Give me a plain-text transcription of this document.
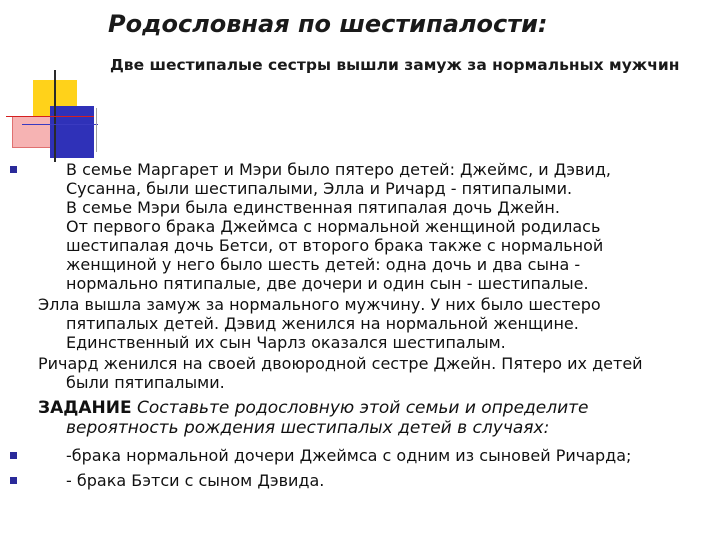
Родословная по шестипалости:
Две шестипалые сестры вышли замуж за нормальных мужчин
В семье Маргарет и Мэри было пятеро детей: Джеймс, и Дэвид,
Сусанна, были шестипалыми, Элла и Ричард - пятипалыми.
В семье Мэри была единственная пятипалая дочь Джейн.
От первого брака Джеймса с нормальной женщиной родилась
шестипалая дочь Бетси, от второго брака также с нормальной
женщиной у него было шесть детей: одна дочь и два сына -
нормально пятипалые, две дочери и один сын - шестипалые.
Элла вышла замуж за нормального мужчину. У них было шестеро
пятипалых детей. Дэвид женился на нормальной женщине.
Единственный их сын Чарлз оказался шестипалым.
Ричард женился на своей двоюродной сестре Джейн. Пятеро их детей
были пятипалыми.
ЗАДАНИЕ Составьте родословную этой семьи и определите
вероятность рождения шестипалых детей в случаях:
-брака нормальной дочери Джеймса с одним из сыновей Ричарда;
- брака Бэтси с сыном Дэвида.
